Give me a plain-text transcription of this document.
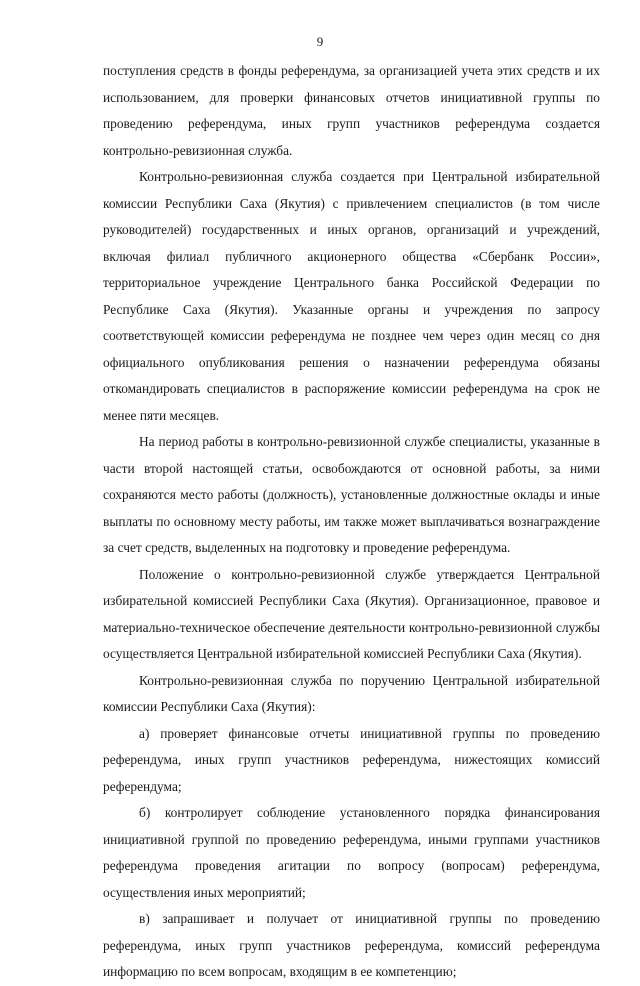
9

поступления средств в фонды референдума, за организацией учета этих средств и их использованием, для проверки финансовых отчетов инициативной группы по проведению референдума, иных групп участников референдума создается контрольно-ревизионная служба.

Контрольно-ревизионная служба создается при Центральной избирательной комиссии Республики Саха (Якутия) с привлечением специалистов (в том числе руководителей) государственных и иных органов, организаций и учреждений, включая филиал публичного акционерного общества «Сбербанк России», территориальное учреждение Центрального банка Российской Федерации по Республике Саха (Якутия). Указанные органы и учреждения по запросу соответствующей комиссии референдума не позднее чем через один месяц со дня официального опубликования решения о назначении референдума обязаны откомандировать специалистов в распоряжение комиссии референдума на срок не менее пяти месяцев.

На период работы в контрольно-ревизионной службе специалисты, указанные в части второй настоящей статьи, освобождаются от основной работы, за ними сохраняются место работы (должность), установленные должностные оклады и иные выплаты по основному месту работы, им также может выплачиваться вознаграждение за счет средств, выделенных на подготовку и проведение референдума.

Положение о контрольно-ревизионной службе утверждается Центральной избирательной комиссией Республики Саха (Якутия). Организационное, правовое и материально-техническое обеспечение деятельности контрольно-ревизионной службы осуществляется Центральной избирательной комиссией Республики Саха (Якутия).

Контрольно-ревизионная служба по поручению Центральной избирательной комиссии Республики Саха (Якутия):

а) проверяет финансовые отчеты инициативной группы по проведению референдума, иных групп участников референдума, нижестоящих комиссий референдума;

б) контролирует соблюдение установленного порядка финансирования инициативной группой по проведению референдума, иными группами участников референдума проведения агитации по вопросу (вопросам) референдума, осуществления иных мероприятий;

в) запрашивает и получает от инициативной группы по проведению референдума, иных групп участников референдума, комиссий референдума информацию по всем вопросам, входящим в ее компетенцию;
